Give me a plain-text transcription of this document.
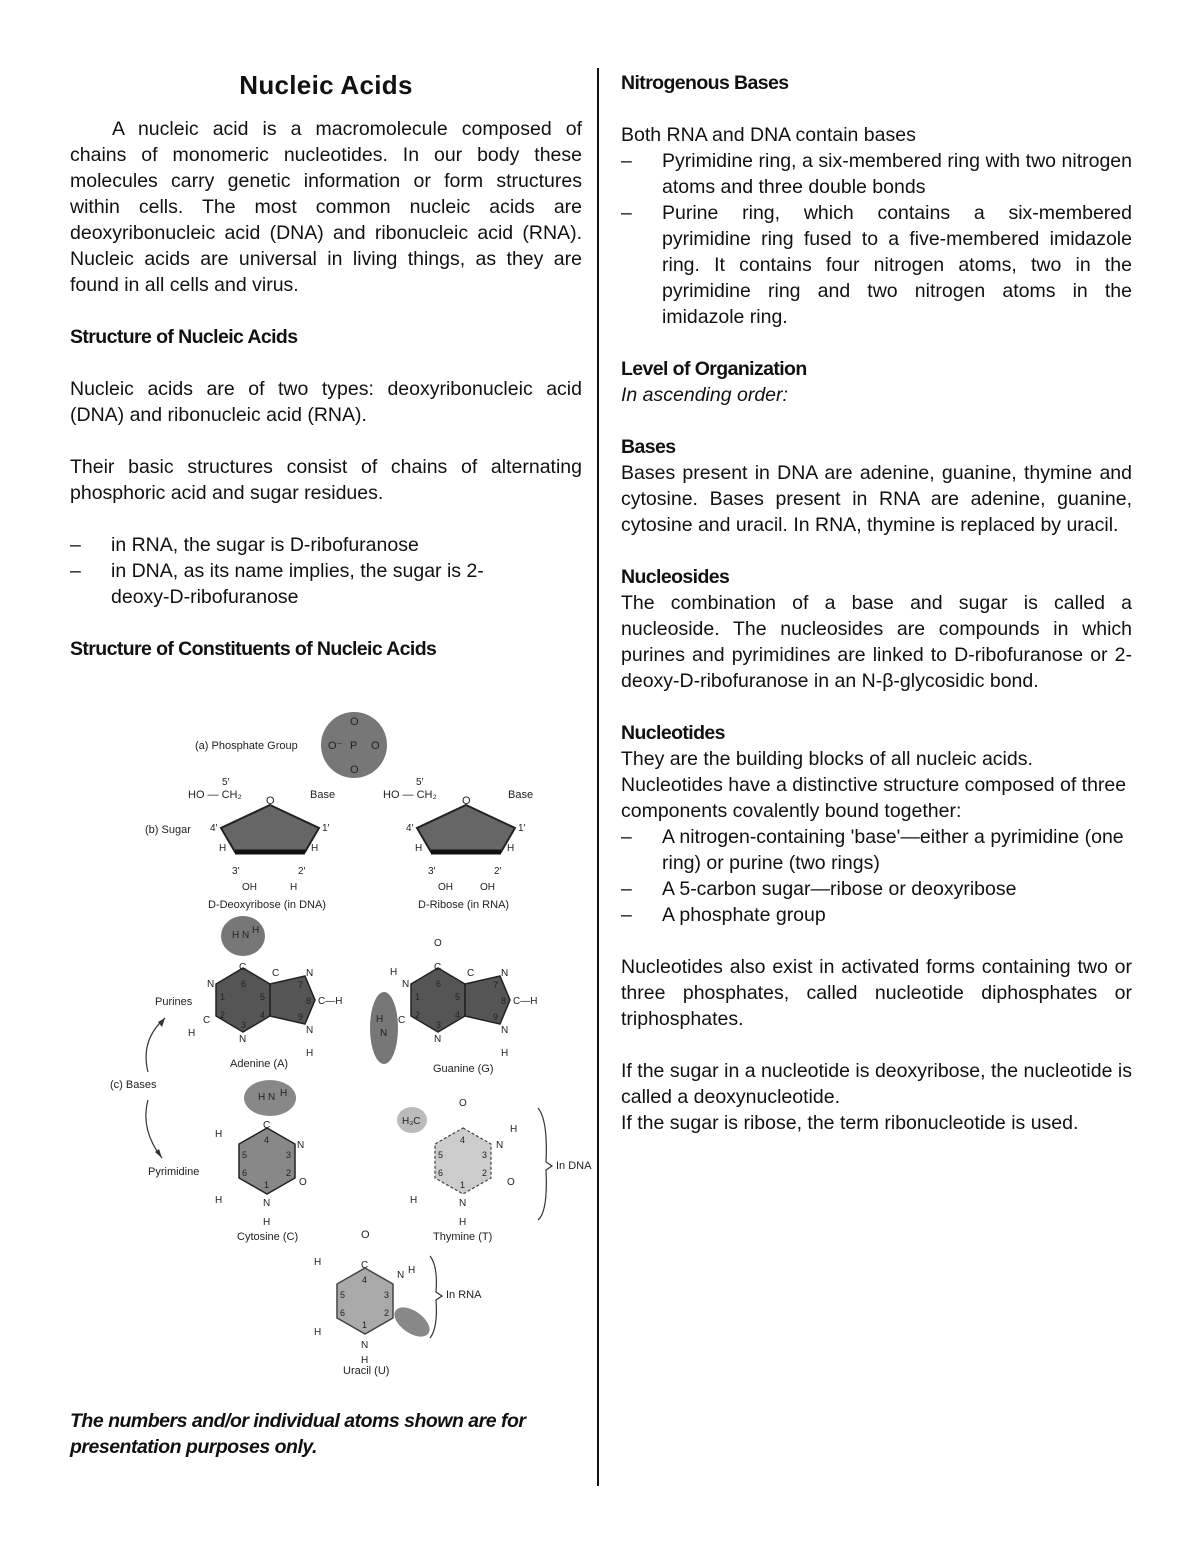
Nucleic Acids

A nucleic acid is a macromolecule composed of chains of monomeric nucleotides. In our body these molecules carry genetic information or form structures within cells. The most common nucleic acids are deoxyribonucleic acid (DNA) and ribonucleic acid (RNA). Nucleic acids are universal in living things, as they are found in all cells and virus.

Structure of Nucleic Acids

Nucleic acids are of two types: deoxyribonucleic acid (DNA) and ribonucleic acid (RNA).

Their basic structures consist of chains of alternating phosphoric acid and sugar residues.

– in RNA, the sugar is D-ribofuranose
– in DNA, as its name implies, the sugar is 2-deoxy-D-ribofuranose

Structure of Constituents of Nucleic Acids

(a) Phosphate Group
O
O⁻ P O
O
(b) Sugar
HO — CH₂
5′
Base
O
4′	1′
H	H
3′	2′
OH	H
D-Deoxyribose (in DNA)
HO — CH₂
5′
Base
O
4′	1′
H	H
3′	2′
OH	OH
D-Ribose (in RNA)
Purines
(c) Bases
Pyrimidine
H N H
C
N
C
N
C	N
C—H
N
H
H
6
1
2
3
4
5
7
8
9
Adenine (A)
O
C
H
N
C
N
H
N
C	N
C—H
N
H
6
1
2
3
4
5
7
8
9
Guanine (G)
H N H
C
N
O
N
H
H
H
4
3
2
1
6
5
Cytosine (C)
H₃C
O
H
N
O
N
H
H
4
3
2
1
6
5
Thymine (T)
In DNA
O
C
N H
N
H
H
H
4
3
2
1
6
5
Uracil (U)
In RNA
The numbers and/or individual atoms shown are for presentation purposes only.

Nitrogenous Bases

Both RNA and DNA contain bases

– Pyrimidine ring, a six-membered ring with two nitrogen atoms and three double bonds
– Purine ring, which contains a six-membered pyrimidine ring fused to a five-membered imidazole ring. It contains four nitrogen atoms, two in the pyrimidine ring and two nitrogen atoms in the imidazole ring.

Level of Organization

In ascending order:

Bases

Bases present in DNA are adenine, guanine, thymine and cytosine. Bases present in RNA are adenine, guanine, cytosine and uracil. In RNA, thymine is replaced by uracil.

Nucleosides

The combination of a base and sugar is called a nucleoside. The nucleosides are compounds in which purines and pyrimidines are linked to D-ribofuranose or 2-deoxy-D-ribofuranose in an N-β-glycosidic bond.

Nucleotides

They are the building blocks of all nucleic acids. Nucleotides have a distinctive structure composed of three components covalently bound together:

– A nitrogen-containing 'base'—either a pyrimidine (one ring) or purine (two rings)
– A 5-carbon sugar—ribose or deoxyribose
– A phosphate group

Nucleotides also exist in activated forms containing two or three phosphates, called nucleotide diphosphates or triphosphates.

If the sugar in a nucleotide is deoxyribose, the nucleotide is called a deoxynucleotide.

If the sugar is ribose, the term ribonucleotide is used.
